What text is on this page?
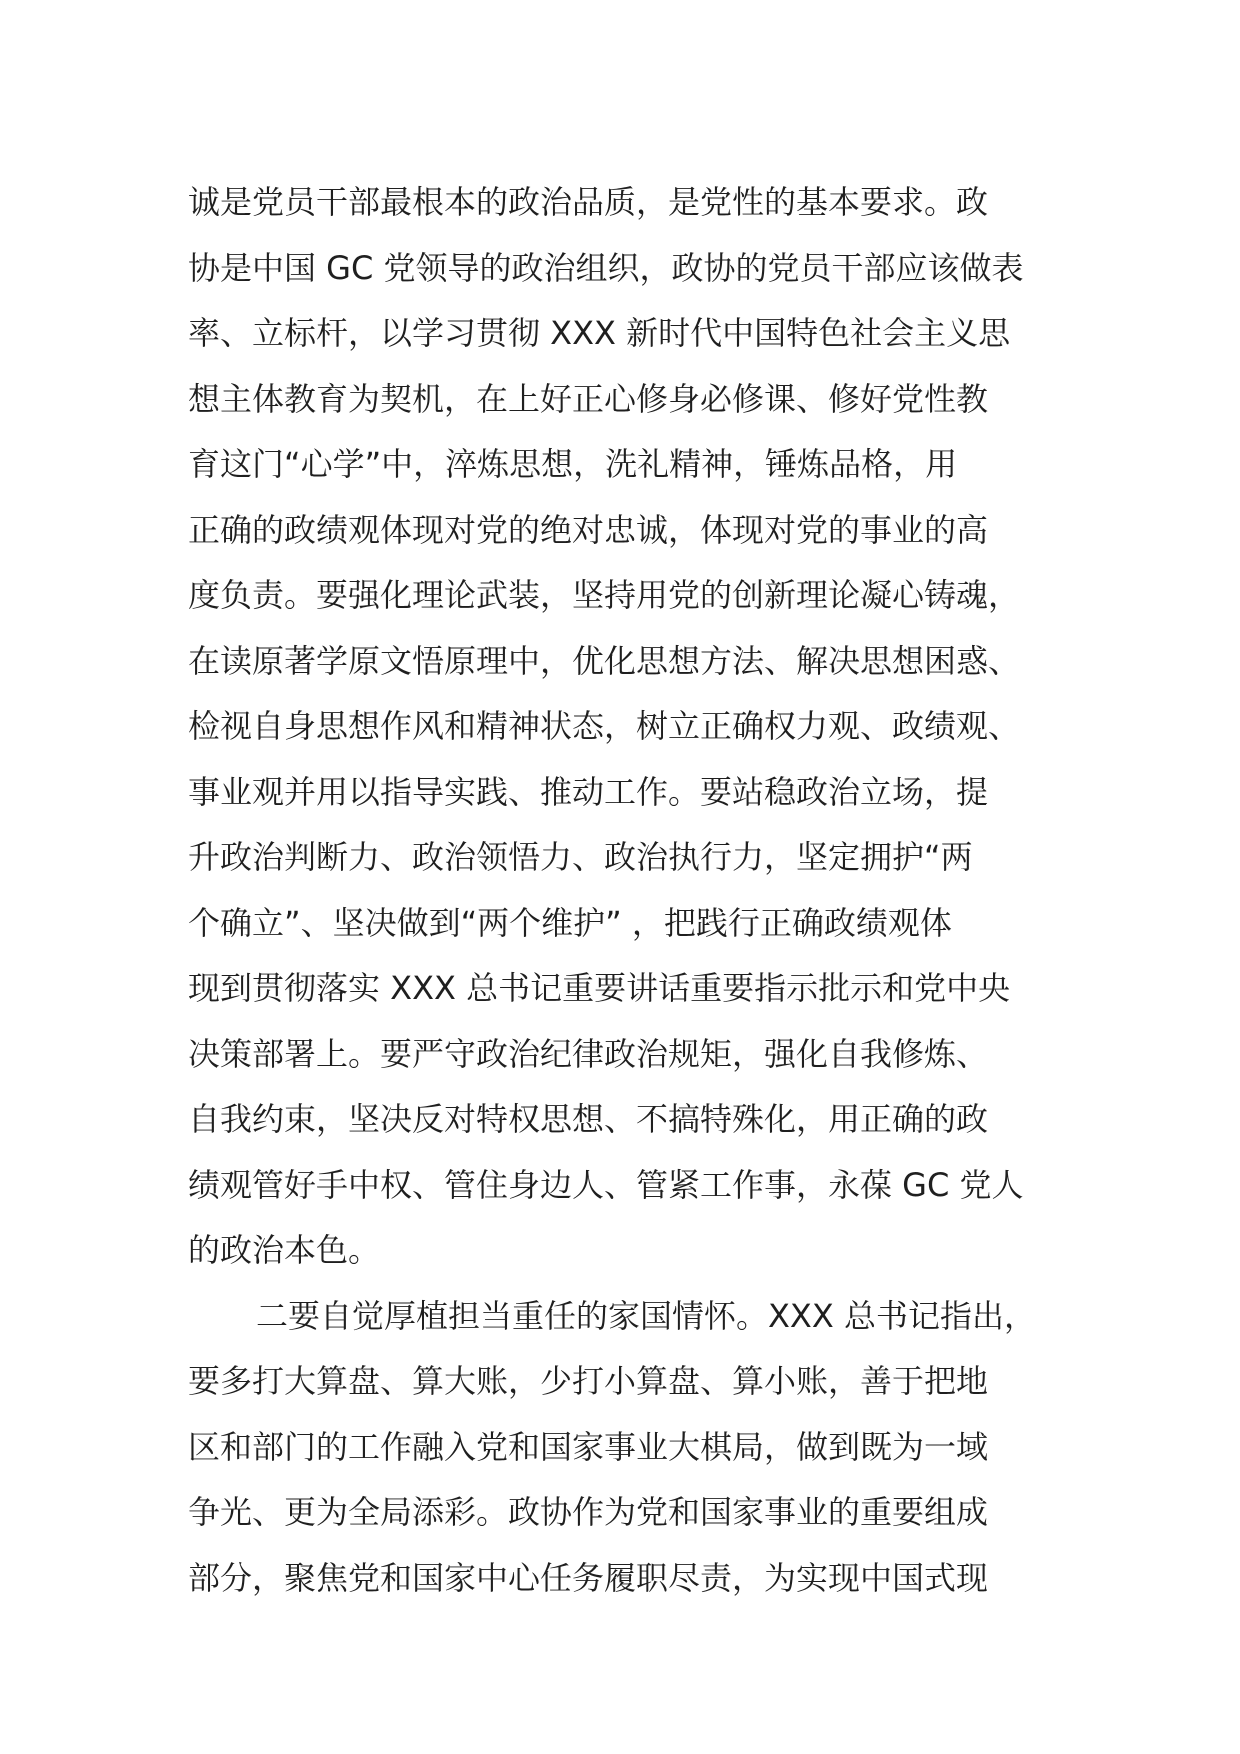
诚是党员干部最根本的政治品质，是党性的基本要求。政
协是中国 GC 党领导的政治组织，政协的党员干部应该做表
率、立标杆，以学习贯彻 XXX 新时代中国特色社会主义思
想主体教育为契机，在上好正心修身必修课、修好党性教
育这门“心学”中，淬炼思想，洗礼精神，锤炼品格，用
正确的政绩观体现对党的绝对忠诚，体现对党的事业的高
度负责。要强化理论武装，坚持用党的创新理论凝心铸魂，
在读原著学原文悟原理中，优化思想方法、解决思想困惑、
检视自身思想作风和精神状态，树立正确权力观、政绩观、
事业观并用以指导实践、推动工作。要站稳政治立场，提
升政治判断力、政治领悟力、政治执行力，坚定拥护“两
个确立”、坚决做到“两个维护” ，把践行正确政绩观体
现到贯彻落实 XXX 总书记重要讲话重要指示批示和党中央
决策部署上。要严守政治纪律政治规矩，强化自我修炼、
自我约束，坚决反对特权思想、不搞特殊化，用正确的政
绩观管好手中权、管住身边人、管紧工作事，永葆 GC 党人
的政治本色。
二要自觉厚植担当重任的家国情怀。XXX 总书记指出，
要多打大算盘、算大账，少打小算盘、算小账，善于把地
区和部门的工作融入党和国家事业大棋局，做到既为一域
争光、更为全局添彩。政协作为党和国家事业的重要组成
部分，聚焦党和国家中心任务履职尽责，为实现中国式现
